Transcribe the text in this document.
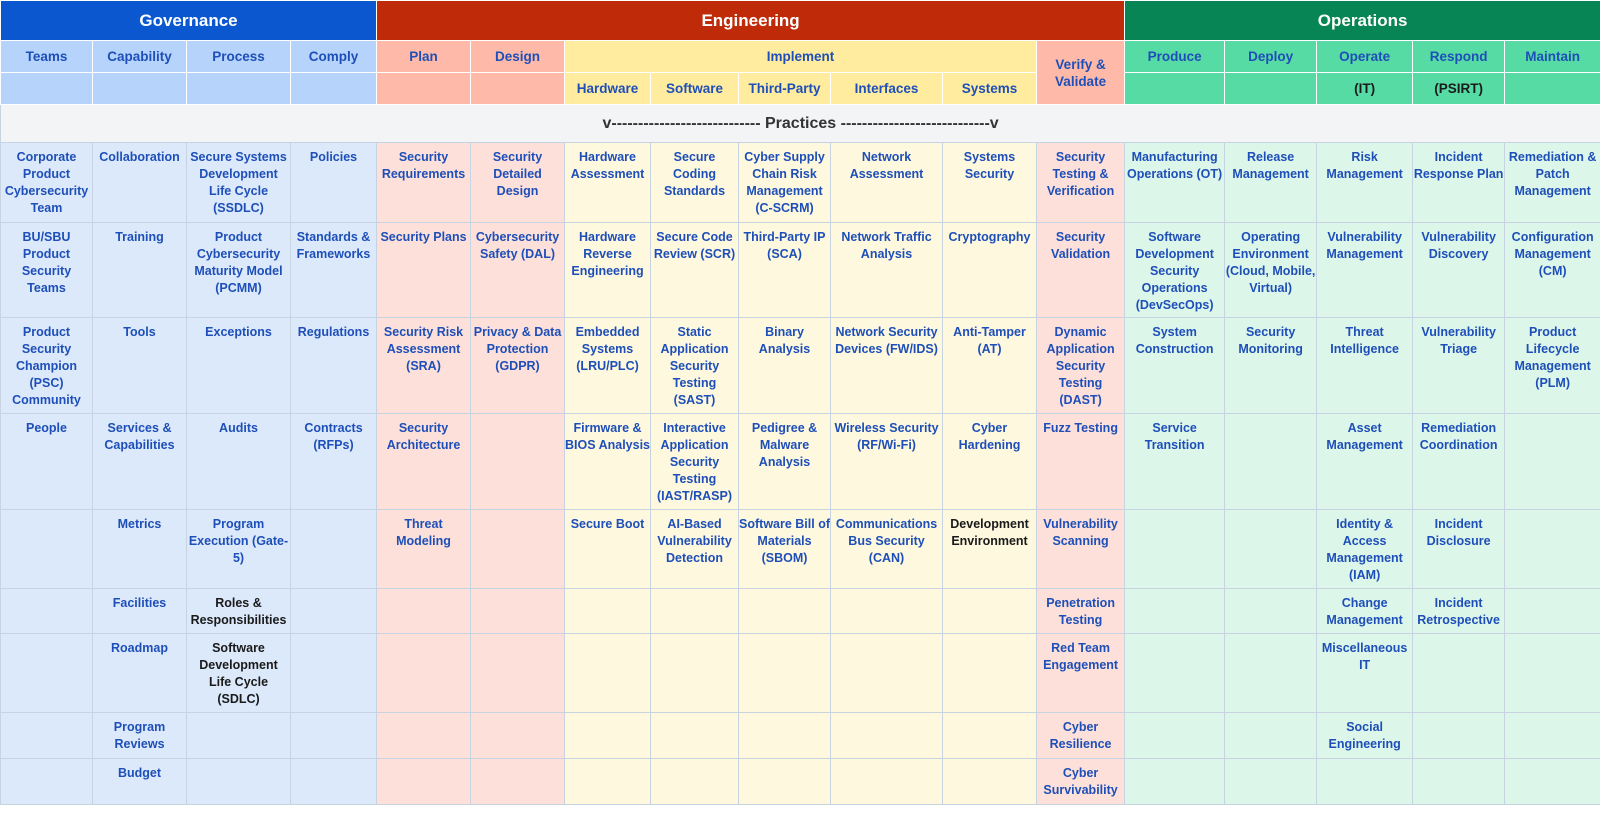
Governance				Engineering								Operations				
Teams	Capability	Process	Comply	Plan	Design	Implement					Verify & Validate	Produce	Deploy	Operate	Respond	Maintain
						Hardware	Software	Third-Party	Interfaces	Systems				(IT)	(PSIRT)	
v---------------------------- Practices ----------------------------v																
Corporate Product Cybersecurity Team	Collaboration	Secure Systems Development Life Cycle (SSDLC)	Policies	Security Requirements	Security Detailed Design	Hardware Assessment	Secure Coding Standards	Cyber Supply Chain Risk Management (C-SCRM)	Network Assessment	Systems Security	Security Testing & Verification	Manufacturing Operations (OT)	Release Management	Risk Management	Incident Response Plan	Remediation & Patch Management
BU/SBU Product Security Teams	Training	Product Cybersecurity Maturity Model (PCMM)	Standards & Frameworks	Security Plans	Cybersecurity Safety (DAL)	Hardware Reverse Engineering	Secure Code Review (SCR)	Third-Party IP (SCA)	Network Traffic Analysis	Cryptography	Security Validation	Software Development Security Operations (DevSecOps)	Operating Environment (Cloud, Mobile, Virtual)	Vulnerability Management	Vulnerability Discovery	Configuration Management (CM)
Product Security Champion (PSC) Community	Tools	Exceptions	Regulations	Security Risk Assessment (SRA)	Privacy & Data Protection (GDPR)	Embedded Systems (LRU/PLC)	Static Application Security Testing (SAST)	Binary Analysis	Network Security Devices (FW/IDS)	Anti-Tamper (AT)	Dynamic Application Security Testing (DAST)	System Construction	Security Monitoring	Threat Intelligence	Vulnerability Triage	Product Lifecycle Management (PLM)
People	Services & Capabilities	Audits	Contracts (RFPs)	Security Architecture		Firmware & BIOS Analysis	Interactive Application Security Testing (IAST/RASP)	Pedigree & Malware Analysis	Wireless Security (RF/Wi-Fi)	Cyber Hardening	Fuzz Testing	Service Transition		Asset Management	Remediation Coordination	
	Metrics	Program Execution (Gate-5)		Threat Modeling		Secure Boot	AI-Based Vulnerability Detection	Software Bill of Materials (SBOM)	Communications Bus Security (CAN)	Development Environment	Vulnerability Scanning			Identity & Access Management (IAM)	Incident Disclosure	
	Facilities	Roles & Responsibilities									Penetration Testing			Change Management	Incident Retrospective	
	Roadmap	Software Development Life Cycle (SDLC)									Red Team Engagement			Miscellaneous IT		
	Program Reviews										Cyber Resilience			Social Engineering		
	Budget										Cyber Survivability					
